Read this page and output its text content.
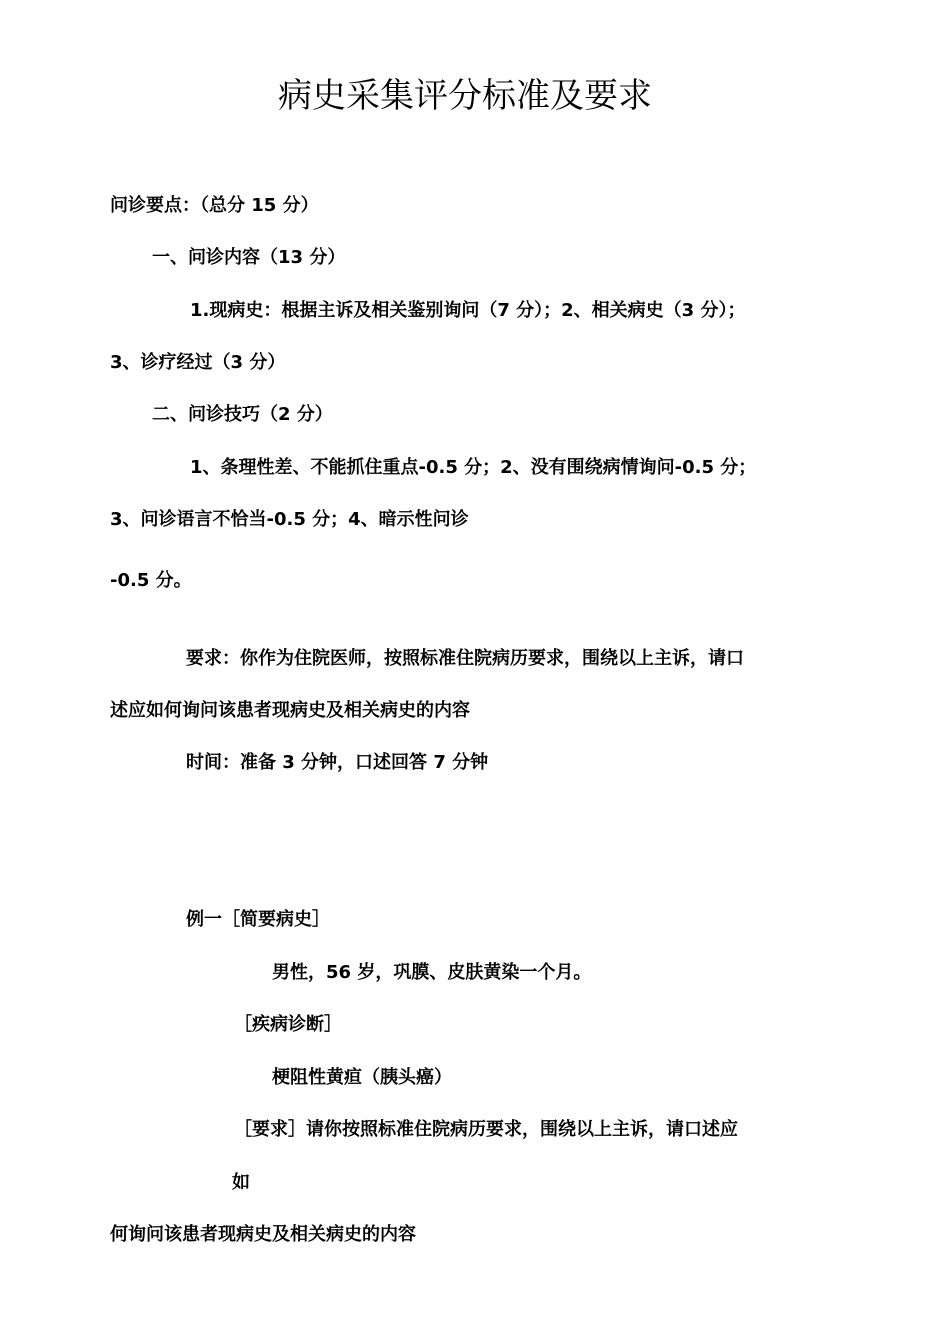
病史采集评分标准及要求

问诊要点：（总分 15 分）

一、问诊内容（13 分）

1.现病史：根据主诉及相关鉴别询问（7 分）；2、相关病史（3 分）；

3、诊疗经过（3 分）

二、问诊技巧（2 分）

1、条理性差、不能抓住重点-0.5 分；2、没有围绕病情询问-0.5 分；

3、问诊语言不恰当-0.5 分；4、暗示性问诊

-0.5 分。

要求：你作为住院医师，按照标准住院病历要求，围绕以上主诉，请口

述应如何询问该患者现病史及相关病史的内容

时间：准备 3 分钟，口述回答 7 分钟

例一［简要病史］

男性，56 岁，巩膜、皮肤黄染一个月。

［疾病诊断］

梗阻性黄疸（胰头癌）

［要求］请你按照标准住院病历要求，围绕以上主诉，请口述应

如

何询问该患者现病史及相关病史的内容
